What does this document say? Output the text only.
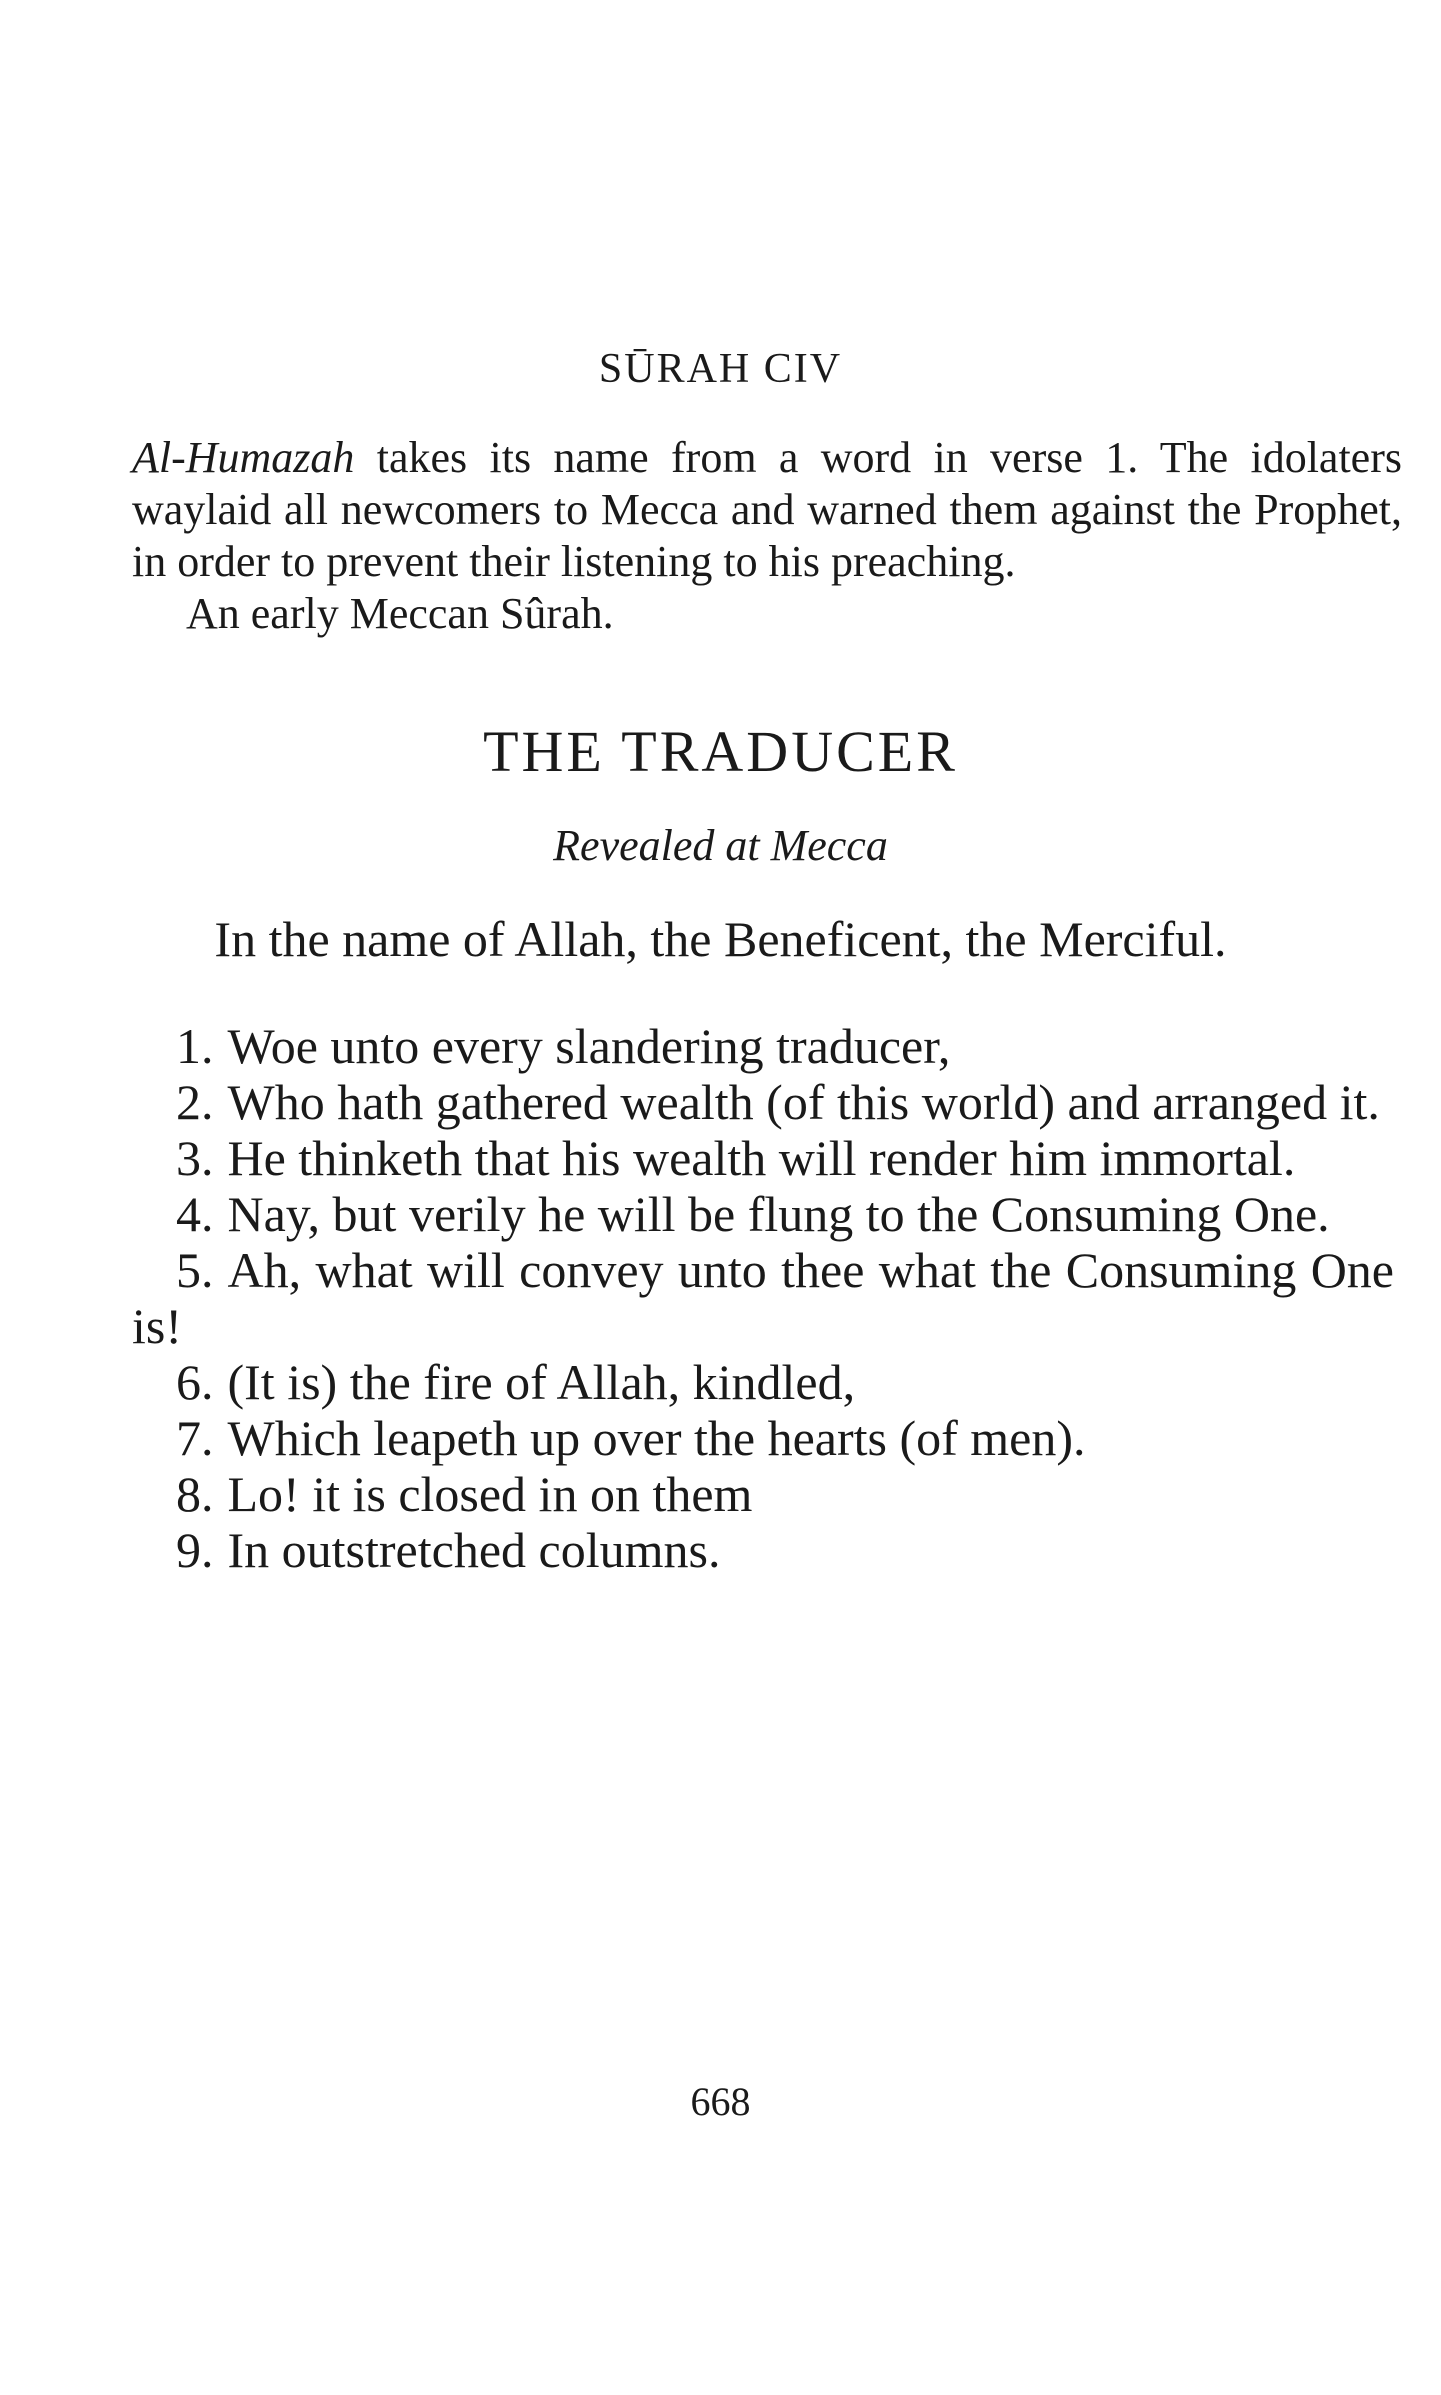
SŪRAH CIV
Al-Humazah takes its name from a word in verse 1. The idolaters waylaid all newcomers to Mecca and warned them against the Prophet, in order to prevent their listening to his preaching.
An early Meccan Sûrah.
THE TRADUCER
Revealed at Mecca
In the name of Allah, the Beneficent, the Merciful.

1. Woe unto every slandering traducer,

2. Who hath gathered wealth (of this world) and arranged it.

3. He thinketh that his wealth will render him immortal.

4. Nay, but verily he will be flung to the Consuming One.

5. Ah, what will convey unto thee what the Consuming One is!

6. (It is) the fire of Allah, kindled,

7. Which leapeth up over the hearts (of men).

8. Lo! it is closed in on them

9. In outstretched columns.

668
